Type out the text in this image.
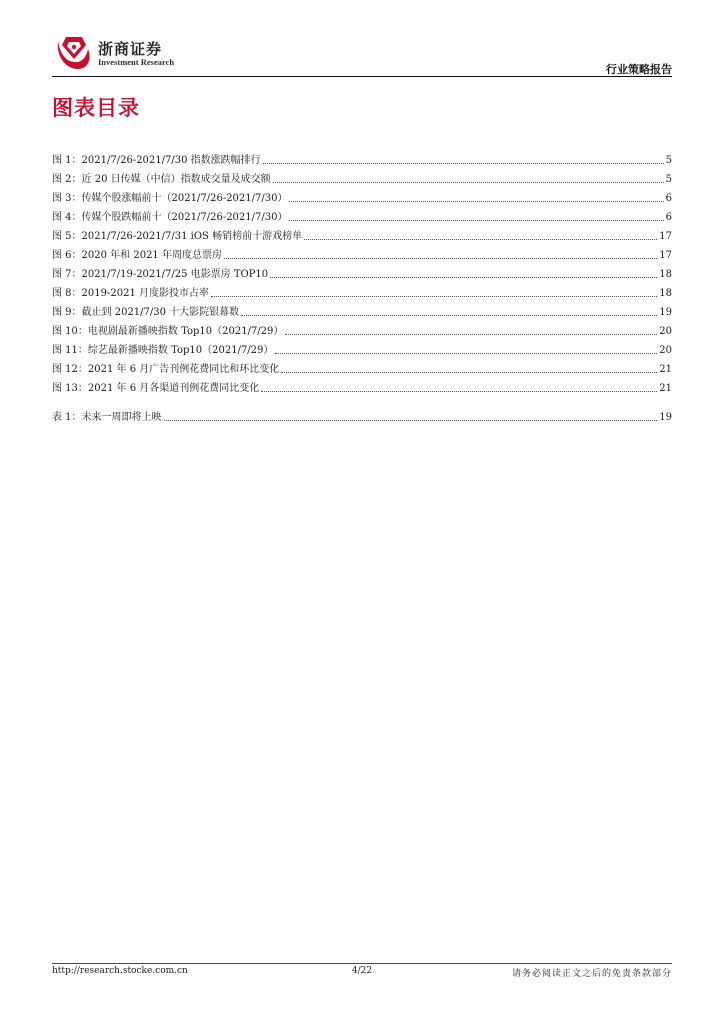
浙商证券
Investment Research
行业策略报告
图表目录
图 1：2021/7/26-2021/7/30 指数涨跌幅排行	5
图 2：近 20 日传媒（中信）指数成交量及成交额	5
图 3：传媒个股涨幅前十（2021/7/26-2021/7/30）	6
图 4：传媒个股跌幅前十（2021/7/26-2021/7/30）	6
图 5：2021/7/26-2021/7/31 iOS 畅销榜前十游戏榜单	17
图 6：2020 年和 2021 年周度总票房	17
图 7：2021/7/19-2021/7/25 电影票房 TOP10	18
图 8：2019-2021 月度影投市占率	18
图 9：截止到 2021/7/30 十大影院银幕数	19
图 10：电视剧最新播映指数 Top10（2021/7/29）	20
图 11：综艺最新播映指数 Top10（2021/7/29）	20
图 12：2021 年 6 月广告刊例花费同比和环比变化	21
图 13：2021 年 6 月各渠道刊例花费同比变化	21
表 1：未来一周即将上映	19
http://research.stocke.com.cn	4/22	请务必阅读正文之后的免责条款部分
